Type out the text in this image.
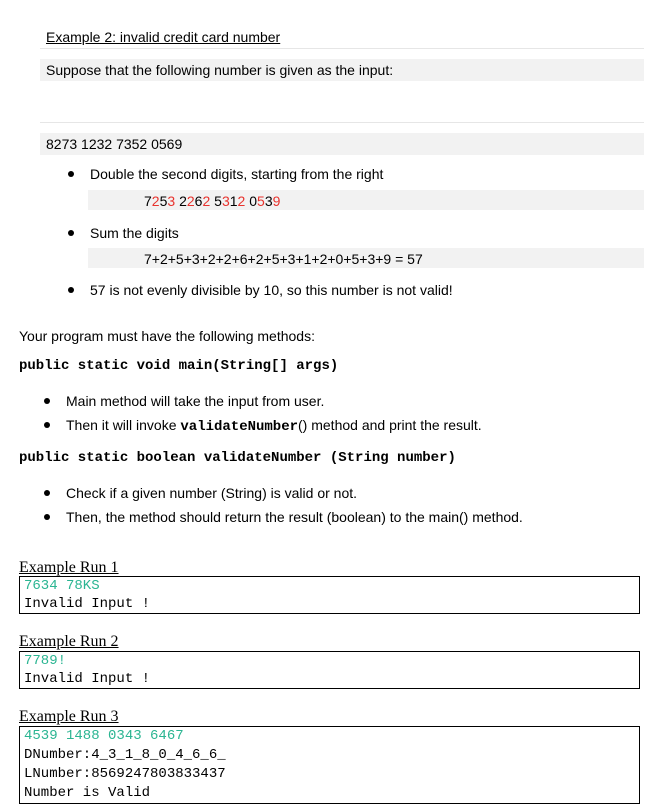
Example 2: invalid credit card number
Suppose that the following number is given as the input:
8273 1232 7352 0569
Double the second digits, starting from the right
7253 2262 5312 0539
Sum the digits
7+2+5+3+2+2+6+2+5+3+1+2+0+5+3+9 = 57
57 is not evenly divisible by 10, so this number is not valid!
Your program must have the following methods:
public static void main(String[] args)
Main method will take the input from user.
Then it will invoke validateNumber() method and print the result.
public static boolean validateNumber (String number)
Check if a given number (String) is valid or not.
Then, the method should return the result (boolean) to the main() method.
Example Run 1
7634 78KS
Invalid Input !
Example Run 2
7789!
Invalid Input !
Example Run 3
4539 1488 0343 6467
DNumber:4_3_1_8_0_4_6_6_
LNumber:8569247803833437
Number is Valid
